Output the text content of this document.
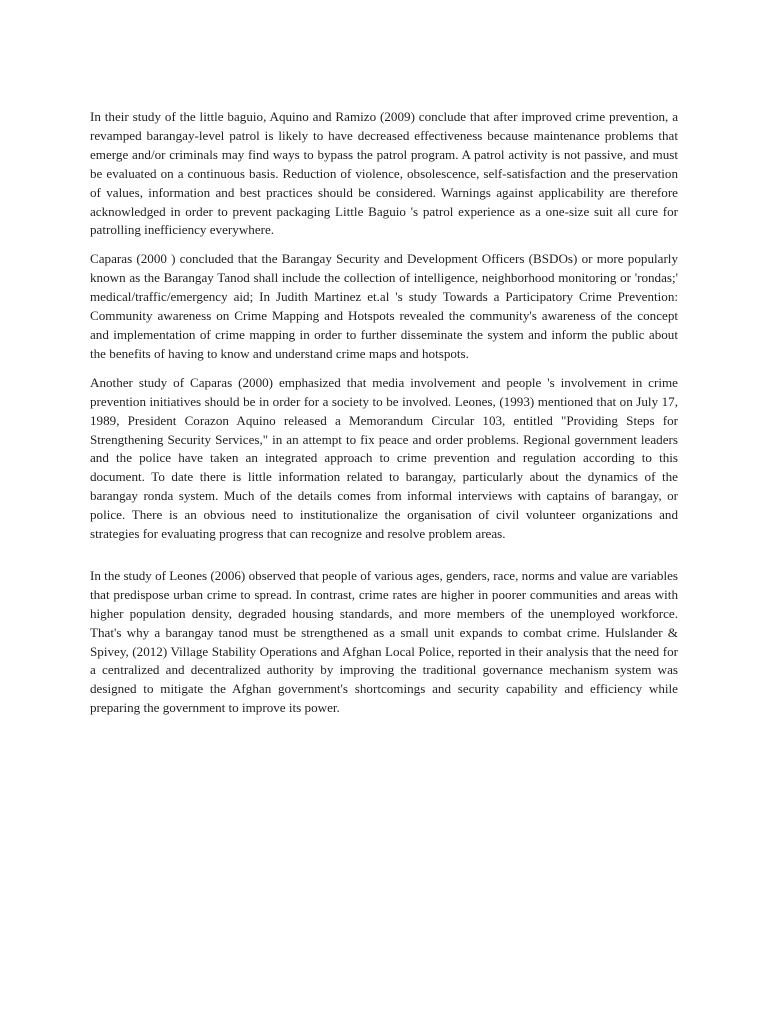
In their study of the little baguio, Aquino and Ramizo (2009) conclude that after improved crime prevention, a revamped barangay-level patrol is likely to have decreased effectiveness because maintenance problems that emerge and/or criminals may find ways to bypass the patrol program. A patrol activity is not passive, and must be evaluated on a continuous basis. Reduction of violence, obsolescence, self-satisfaction and the preservation of values, information and best practices should be considered. Warnings against applicability are therefore acknowledged in order to prevent packaging Little Baguio 's patrol experience as a one-size suit all cure for patrolling inefficiency everywhere.

Caparas (2000 ) concluded that the Barangay Security and Development Officers (BSDOs) or more popularly known as the Barangay Tanod shall include the collection of intelligence, neighborhood monitoring or 'rondas;' medical/traffic/emergency aid; In Judith Martinez et.al 's study Towards a Participatory Crime Prevention: Community awareness on Crime Mapping and Hotspots revealed the community's awareness of the concept and implementation of crime mapping in order to further disseminate the system and inform the public about the benefits of having to know and understand crime maps and hotspots.

Another study of Caparas (2000) emphasized that media involvement and people 's involvement in crime prevention initiatives should be in order for a society to be involved. Leones, (1993) mentioned that on July 17, 1989, President Corazon Aquino released a Memorandum Circular 103, entitled "Providing Steps for Strengthening Security Services," in an attempt to fix peace and order problems. Regional government leaders and the police have taken an integrated approach to crime prevention and regulation according to this document. To date there is little information related to barangay, particularly about the dynamics of the barangay ronda system. Much of the details comes from informal interviews with captains of barangay, or police. There is an obvious need to institutionalize the organisation of civil volunteer organizations and strategies for evaluating progress that can recognize and resolve problem areas.

In the study of Leones (2006) observed that people of various ages, genders, race, norms and value are variables that predispose urban crime to spread. In contrast, crime rates are higher in poorer communities and areas with higher population density, degraded housing standards, and more members of the unemployed workforce. That's why a barangay tanod must be strengthened as a small unit expands to combat crime. Hulslander & Spivey, (2012) Village Stability Operations and Afghan Local Police, reported in their analysis that the need for a centralized and decentralized authority by improving the traditional governance mechanism system was designed to mitigate the Afghan government's shortcomings and security capability and efficiency while preparing the government to improve its power.
